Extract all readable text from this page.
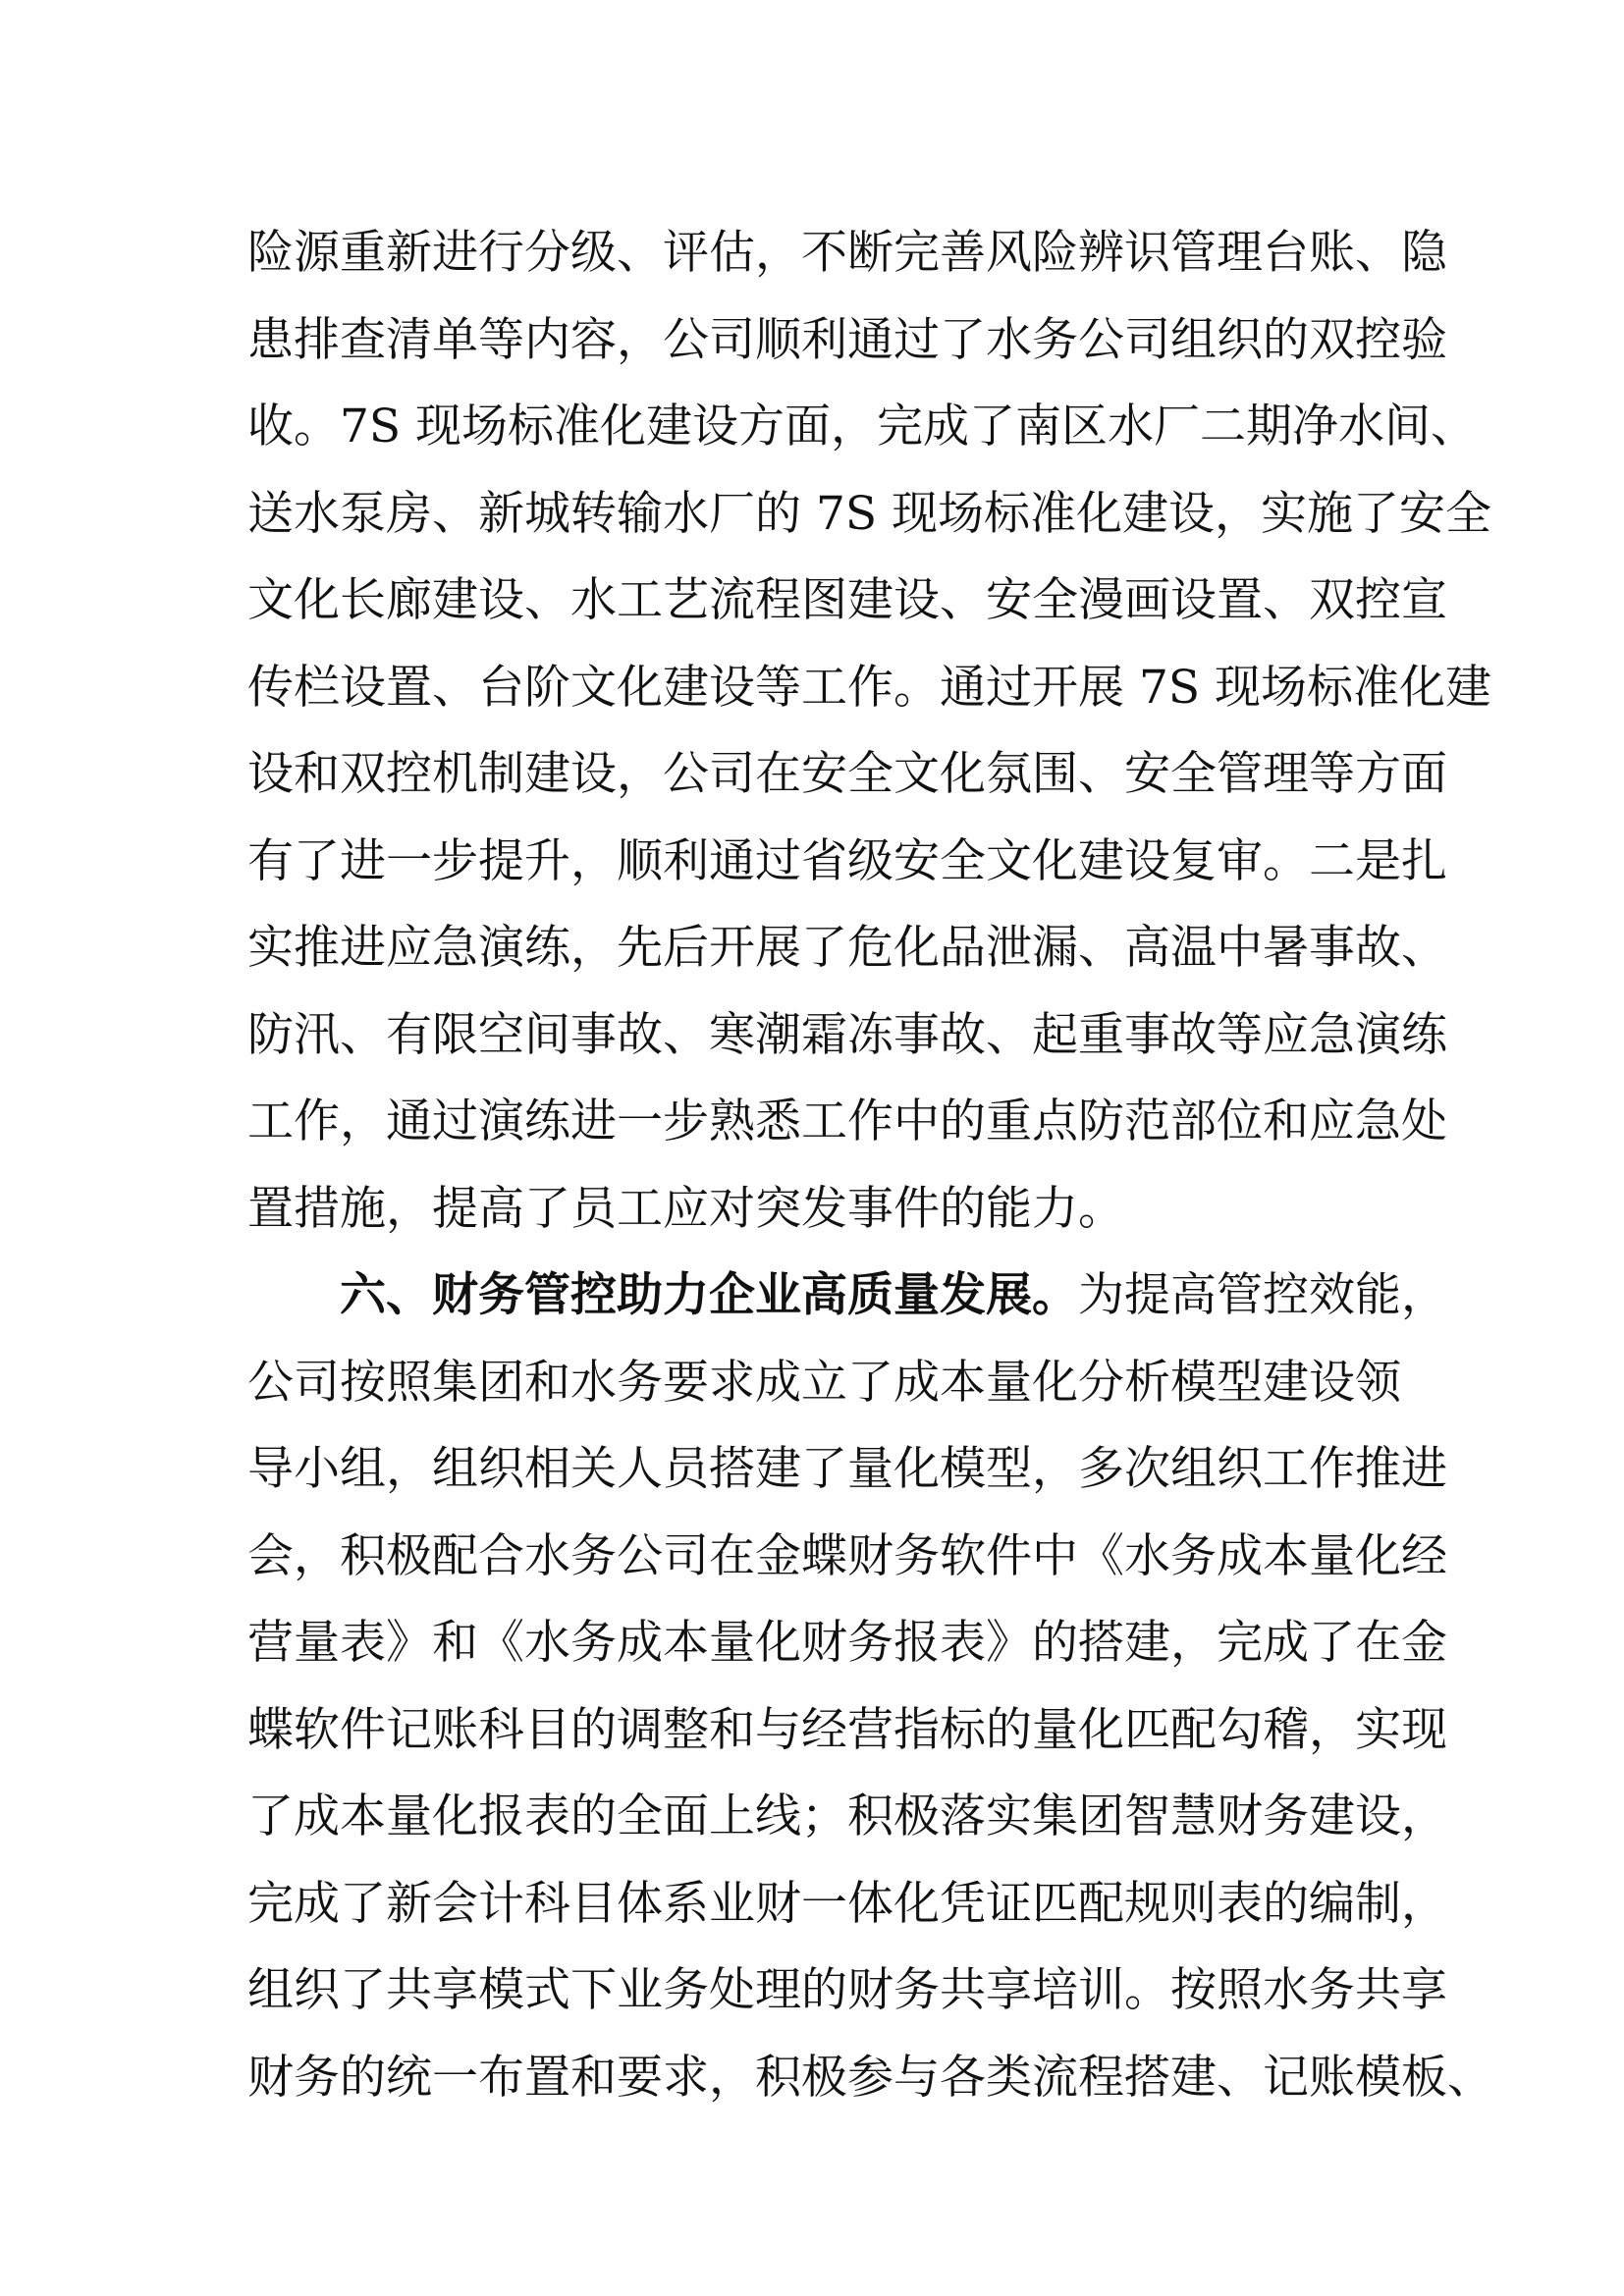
险源重新进行分级、评估，不断完善风险辨识管理台账、隐
患排查清单等内容，公司顺利通过了水务公司组织的双控验
收。7S 现场标准化建设方面，完成了南区水厂二期净水间、
送水泵房、新城转输水厂的 7S 现场标准化建设，实施了安全
文化长廊建设、水工艺流程图建设、安全漫画设置、双控宣
传栏设置、台阶文化建设等工作。通过开展 7S 现场标准化建
设和双控机制建设，公司在安全文化氛围、安全管理等方面
有了进一步提升，顺利通过省级安全文化建设复审。二是扎
实推进应急演练，先后开展了危化品泄漏、高温中暑事故、
防汛、有限空间事故、寒潮霜冻事故、起重事故等应急演练
工作，通过演练进一步熟悉工作中的重点防范部位和应急处
置措施，提高了员工应对突发事件的能力。
六、财务管控助力企业高质量发展。为提高管控效能，
公司按照集团和水务要求成立了成本量化分析模型建设领
导小组，组织相关人员搭建了量化模型，多次组织工作推进
会，积极配合水务公司在金蝶财务软件中《水务成本量化经
营量表》和《水务成本量化财务报表》的搭建，完成了在金
蝶软件记账科目的调整和与经营指标的量化匹配勾稽，实现
了成本量化报表的全面上线；积极落实集团智慧财务建设，
完成了新会计科目体系业财一体化凭证匹配规则表的编制，
组织了共享模式下业务处理的财务共享培训。按照水务共享
财务的统一布置和要求，积极参与各类流程搭建、记账模板、
